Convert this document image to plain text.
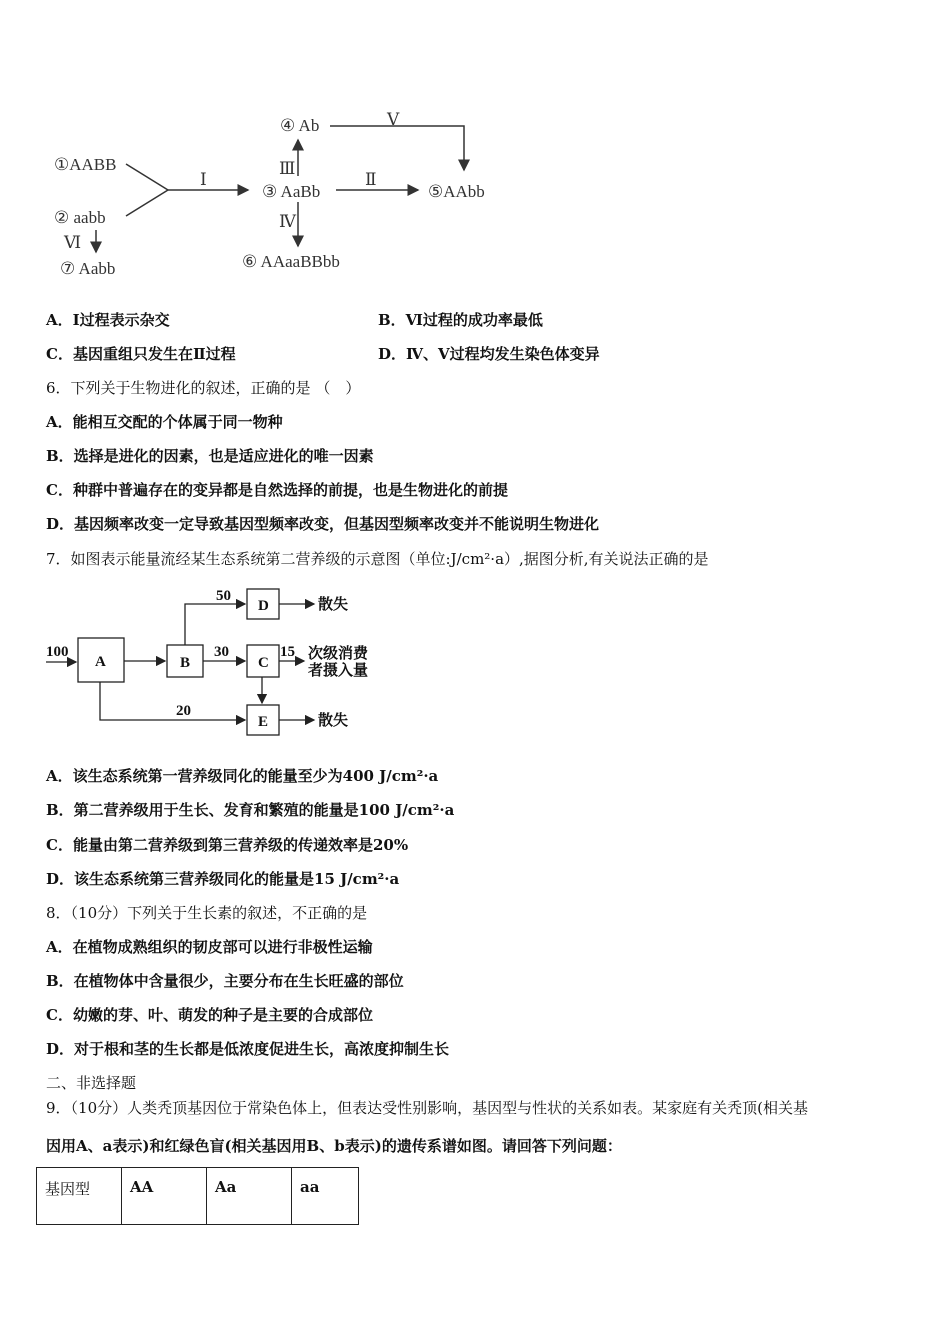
①AABB
② aabb
⑦ Aabb
③ AaBb
④ Ab
⑤AAbb
⑥ AAaaBBbb
Ⅰ	Ⅱ
Ⅲ
Ⅳ
Ⅴ
Ⅵ
A．Ⅰ过程表示杂交	B．Ⅵ过程的成功率最低
C．基因重组只发生在Ⅱ过程	D．Ⅳ、Ⅴ过程均发生染色体变异
6．下列关于生物进化的叙述，正确的是 （　）
A．能相互交配的个体属于同一物种
B．选择是进化的因素，也是适应进化的唯一因素
C．种群中普遍存在的变异都是自然选择的前提，也是生物进化的前提
D．基因频率改变一定导致基因型频率改变，但基因型频率改变并不能说明生物进化
7．如图表示能量流经某生态系统第二营养级的示意图（单位:J/cm²·a）,据图分析,有关说法正确的是
100
A	B	C
D
E
50
30	15
20
散失
散失
次级消费
者摄入量
A．该生态系统第一营养级同化的能量至少为400 J/cm²·a
B．第二营养级用于生长、发育和繁殖的能量是100 J/cm²·a
C．能量由第二营养级到第三营养级的传递效率是20%
D．该生态系统第三营养级同化的能量是15 J/cm²·a
8．（10分）下列关于生长素的叙述，不正确的是
A．在植物成熟组织的韧皮部可以进行非极性运输
B．在植物体中含量很少，主要分布在生长旺盛的部位
C．幼嫩的芽、叶、萌发的种子是主要的合成部位
D．对于根和茎的生长都是低浓度促进生长，高浓度抑制生长
二、非选择题
9．（10分）人类秃顶基因位于常染色体上，但表达受性别影响，基因型与性状的关系如表。某家庭有关秃顶(相关基
因用A、a表示)和红绿色盲(相关基因用B、b表示)的遗传系谱如图。请回答下列问题：
基因型	AA	Aa	aa
